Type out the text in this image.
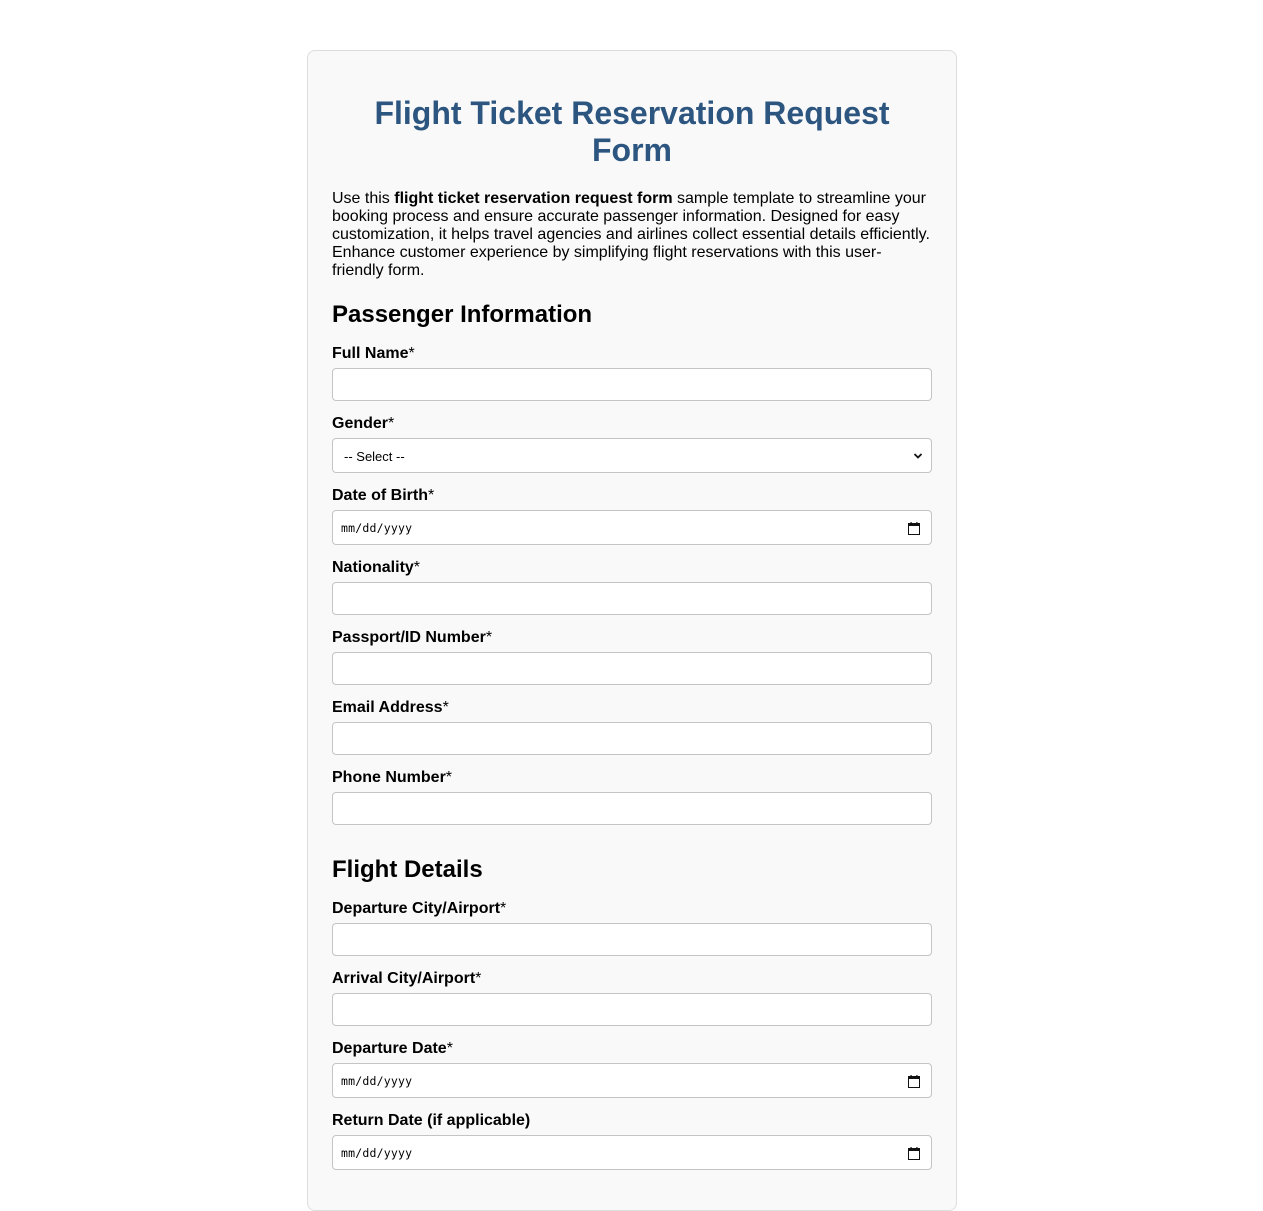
Flight Ticket Reservation Request Form

Use this flight ticket reservation request form sample template to streamline your booking process and ensure accurate passenger information. Designed for easy customization, it helps travel agencies and airlines collect essential details efficiently. Enhance customer experience by simplifying flight reservations with this user-friendly form.

Passenger Information
Full Name*
Gender*
-- Select --
Date of Birth*
mm/dd/yyyy
Nationality*
Passport/ID Number*
Email Address*
Phone Number*
Flight Details
Departure City/Airport*
Arrival City/Airport*
Departure Date*
mm/dd/yyyy
Return Date (if applicable)
mm/dd/yyyy
